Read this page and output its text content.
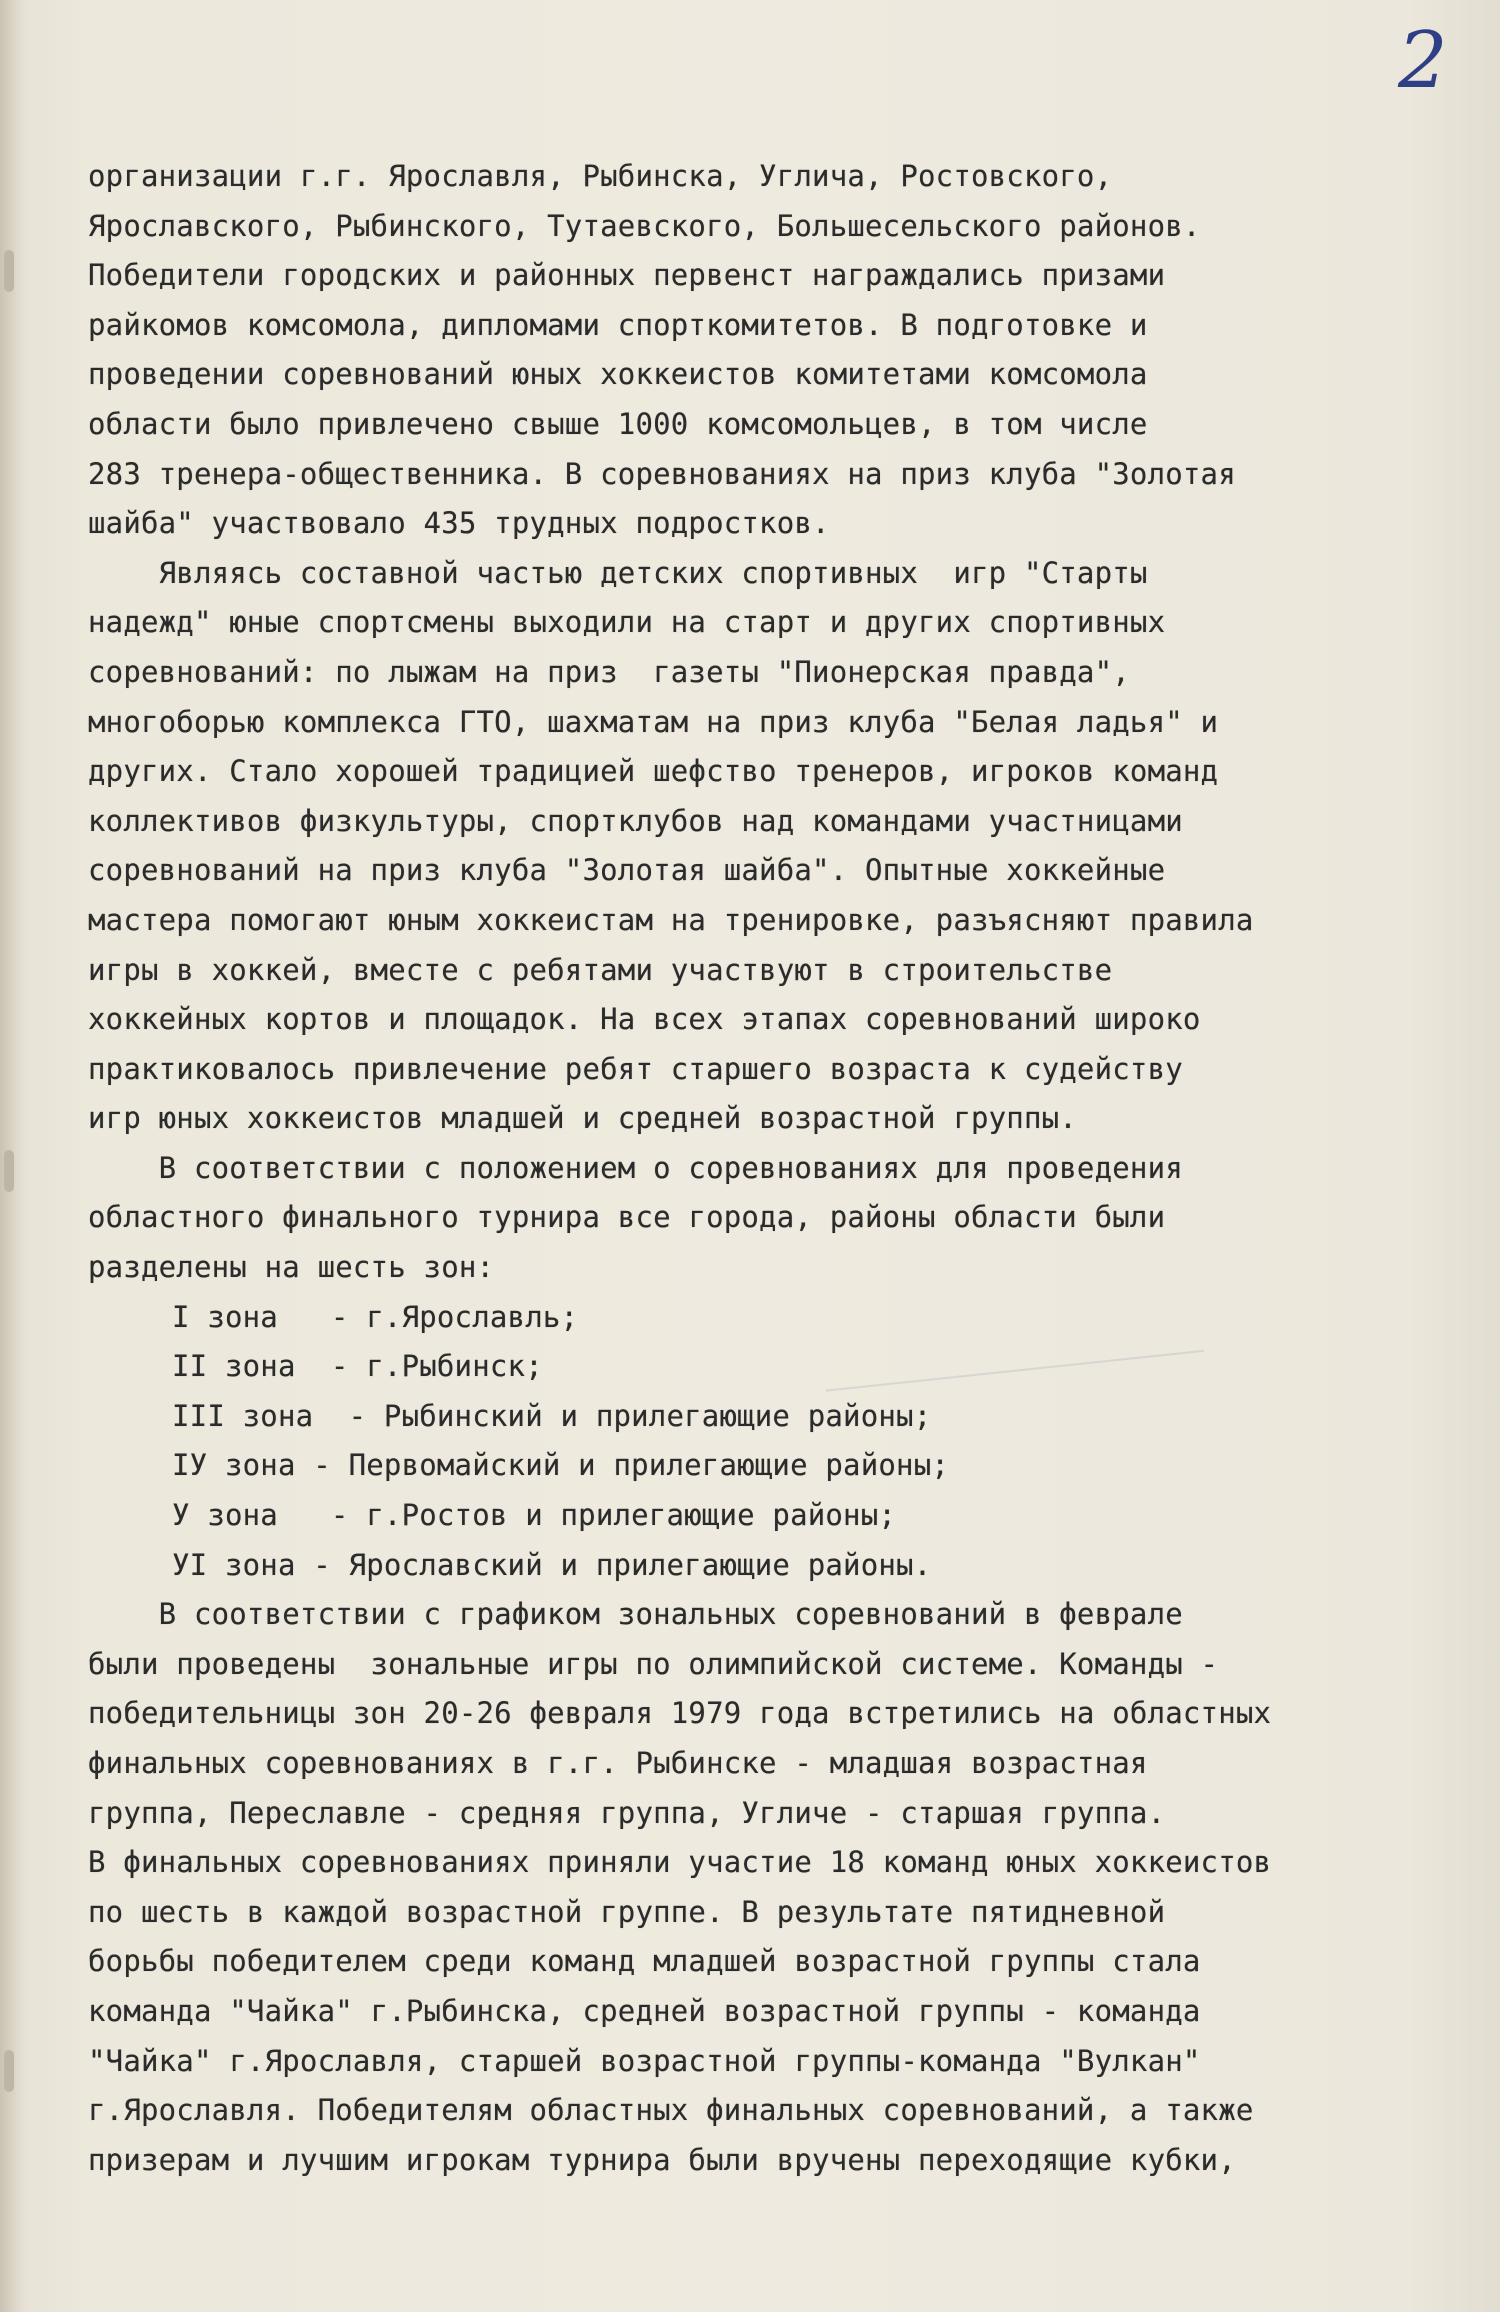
2
организации г.г. Ярославля, Рыбинска, Углича, Ростовского,
Ярославского, Рыбинского, Тутаевского, Большесельского районов.
Победители городских и районных первенст награждались призами
райкомов комсомола, дипломами спорткомитетов. В подготовке и
проведении соревнований юных хоккеистов комитетами комсомола
области было привлечено свыше 1000 комсомольцев, в том числе
283 тренера-общественника. В соревнованиях на приз клуба "Золотая
шайба" участвовало 435 трудных подростков.
Являясь составной частью детских спортивных  игр "Старты
надежд" юные спортсмены выходили на старт и других спортивных
соревнований: по лыжам на приз  газеты "Пионерская правда",
многоборью комплекса ГТО, шахматам на приз клуба "Белая ладья" и
других. Стало хорошей традицией шефство тренеров, игроков команд
коллективов физкультуры, спортклубов над командами участницами
соревнований на приз клуба "Золотая шайба". Опытные хоккейные
мастера помогают юным хоккеистам на тренировке, разъясняют правила
игры в хоккей, вместе с ребятами участвуют в строительстве
хоккейных кортов и площадок. На всех этапах соревнований широко
практиковалось привлечение ребят старшего возраста к судейству
игр юных хоккеистов младшей и средней возрастной группы.
В соответствии с положением о соревнованиях для проведения
областного финального турнира все города, районы области были
разделены на шесть зон:
I зона   - г.Ярославль;
II зона  - г.Рыбинск;
III зона  - Рыбинский и прилегающие районы;
IУ зона - Первомайский и прилегающие районы;
У зона   - г.Ростов и прилегающие районы;
УI зона - Ярославский и прилегающие районы.
В соответствии с графиком зональных соревнований в феврале
были проведены  зональные игры по олимпийской системе. Команды -
победительницы зон 20-26 февраля 1979 года встретились на областных
финальных соревнованиях в г.г. Рыбинске - младшая возрастная
группа, Переславле - средняя группа, Угличе - старшая группа.
В финальных соревнованиях приняли участие 18 команд юных хоккеистов
по шесть в каждой возрастной группе. В результате пятидневной
борьбы победителем среди команд младшей возрастной группы стала
команда "Чайка" г.Рыбинска, средней возрастной группы - команда
"Чайка" г.Ярославля, старшей возрастной группы-команда "Вулкан"
г.Ярославля. Победителям областных финальных соревнований, а также
призерам и лучшим игрокам турнира были вручены переходящие кубки,
